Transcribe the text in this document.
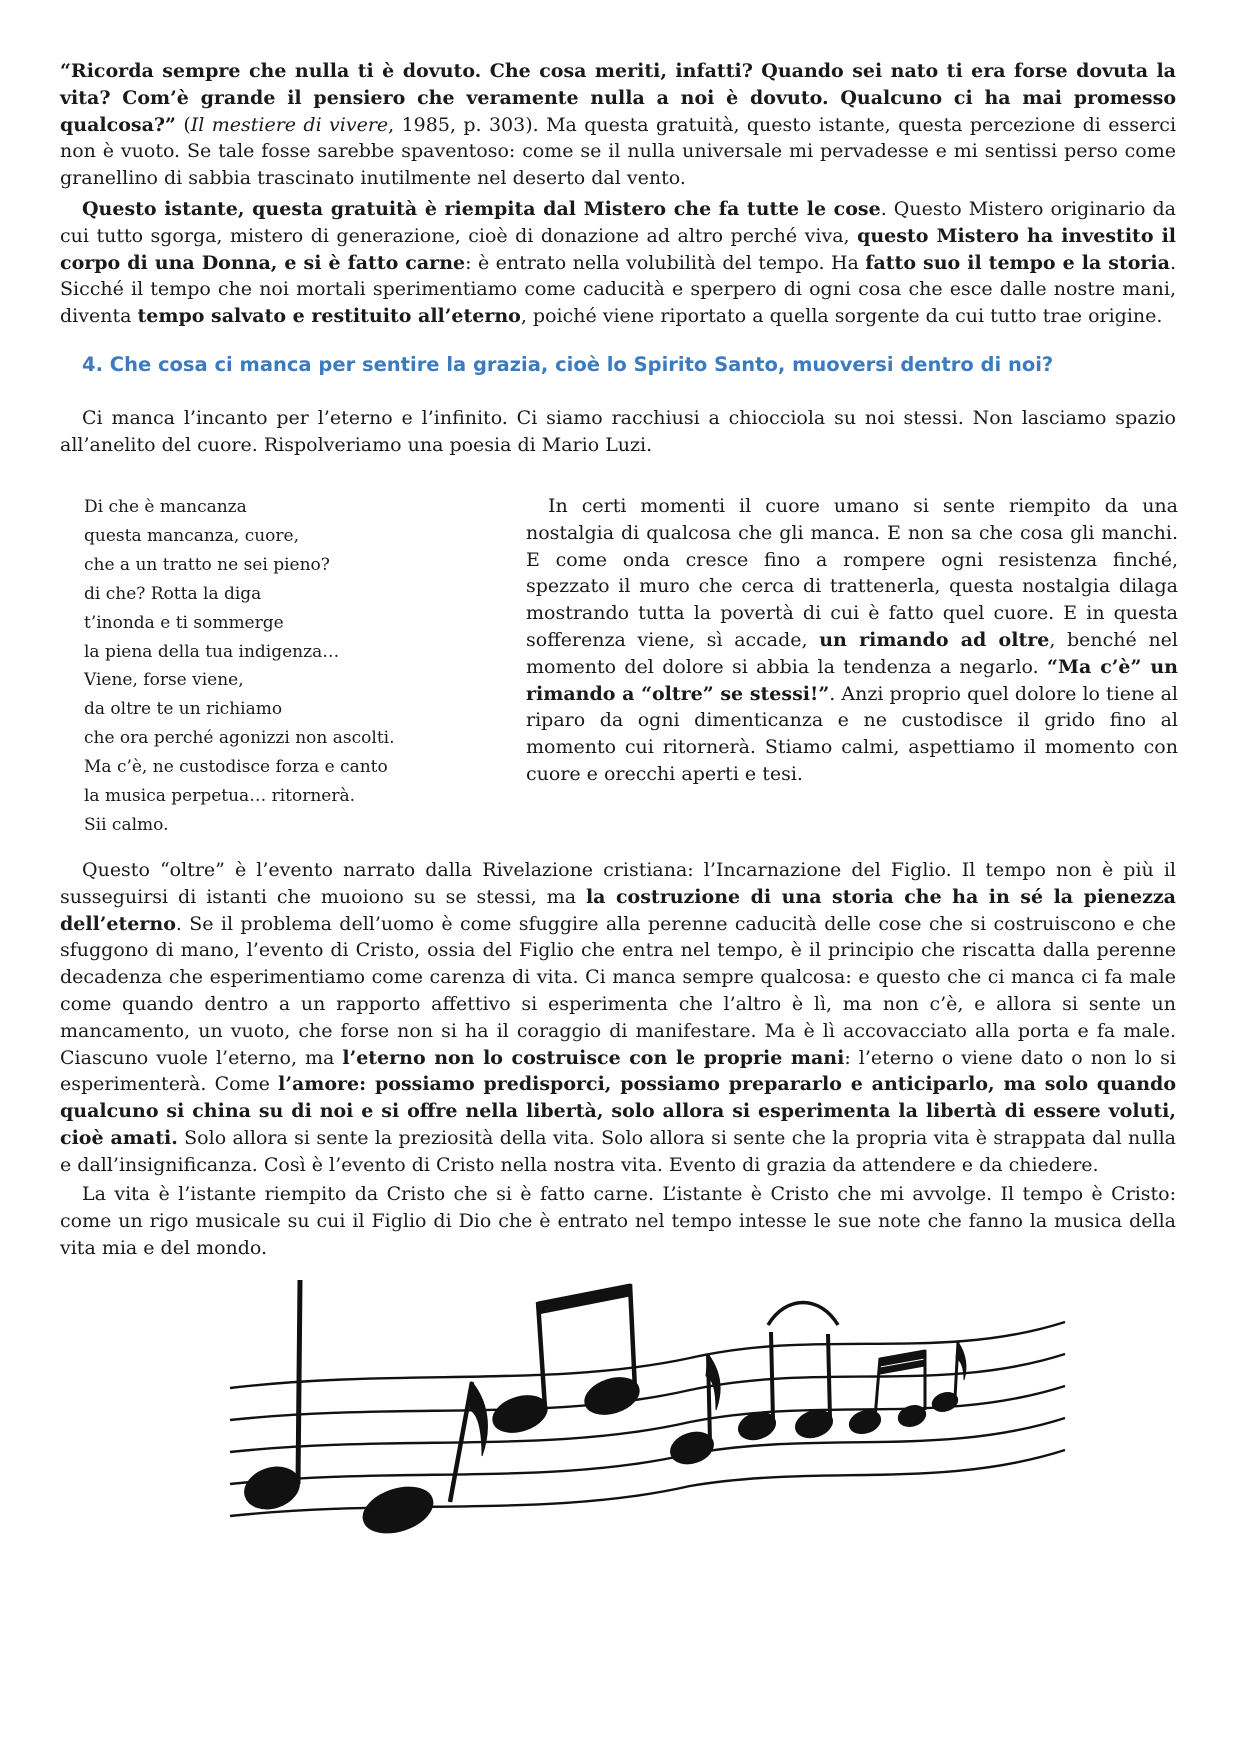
“Ricorda sempre che nulla ti è dovuto. Che cosa meriti, infatti? Quando sei nato ti era forse dovuta la vita? Com’è grande il pensiero che veramente nulla a noi è dovuto. Qualcuno ci ha mai promesso qualcosa?” (Il mestiere di vivere, 1985, p. 303). Ma questa gratuità, questo istante, questa percezione di esserci non è vuoto. Se tale fosse sarebbe spaventoso: come se il nulla universale mi pervadesse e mi sentissi perso come granellino di sabbia trascinato inutilmente nel deserto dal vento.

Questo istante, questa gratuità è riempita dal Mistero che fa tutte le cose. Questo Mistero originario da cui tutto sgorga, mistero di generazione, cioè di donazione ad altro perché viva, questo Mistero ha investito il corpo di una Donna, e si è fatto carne: è entrato nella volubilità del tempo. Ha fatto suo il tempo e la storia. Sicché il tempo che noi mortali sperimentiamo come caducità e sperpero di ogni cosa che esce dalle nostre mani, diventa tempo salvato e restituito all’eterno, poiché viene riportato a quella sorgente da cui tutto trae origine.

4. Che cosa ci manca per sentire la grazia, cioè lo Spirito Santo, muoversi dentro di noi?

Ci manca l’incanto per l’eterno e l’infinito. Ci siamo racchiusi a chiocciola su noi stessi. Non lasciamo spazio all’anelito del cuore. Rispolveriamo una poesia di Mario Luzi.

Di che è mancanza
questa mancanza, cuore,
che a un tratto ne sei pieno?
di che? Rotta la diga
t’inonda e ti sommerge
la piena della tua indigenza…
Viene, forse viene,
da oltre te un richiamo
che ora perché agonizzi non ascolti.
Ma c’è, ne custodisce forza e canto
la musica perpetua… ritornerà.
Sii calmo.

In certi momenti il cuore umano si sente riempito da una nostalgia di qualcosa che gli manca. E non sa che cosa gli manchi. E come onda cresce fino a rompere ogni resistenza finché, spezzato il muro che cerca di trattenerla, questa nostalgia dilaga mostrando tutta la povertà di cui è fatto quel cuore. E in questa sofferenza viene, sì accade, un rimando ad oltre, benché nel momento del dolore si abbia la tendenza a negarlo. “Ma c’è” un rimando a “oltre” se stessi!”. Anzi proprio quel dolore lo tiene al riparo da ogni dimenticanza e ne custodisce il grido fino al momento cui ritornerà. Stiamo calmi, aspettiamo il momento con cuore e orecchi aperti e tesi.

Questo “oltre” è l’evento narrato dalla Rivelazione cristiana: l’Incarnazione del Figlio. Il tempo non è più il susseguirsi di istanti che muoiono su se stessi, ma la costruzione di una storia che ha in sé la pienezza dell’eterno. Se il problema dell’uomo è come sfuggire alla perenne caducità delle cose che si costruiscono e che sfuggono di mano, l’evento di Cristo, ossia del Figlio che entra nel tempo, è il principio che riscatta dalla perenne decadenza che esperimentiamo come carenza di vita. Ci manca sempre qualcosa: e questo che ci manca ci fa male come quando dentro a un rapporto affettivo si esperimenta che l’altro è lì, ma non c’è, e allora si sente un mancamento, un vuoto, che forse non si ha il coraggio di manifestare. Ma è lì accovacciato alla porta e fa male. Ciascuno vuole l’eterno, ma l’eterno non lo costruisce con le proprie mani: l’eterno o viene dato o non lo si esperimenterà. Come l’amore: possiamo predisporci, possiamo prepararlo e anticiparlo, ma solo quando qualcuno si china su di noi e si offre nella libertà, solo allora si esperimenta la libertà di essere voluti, cioè amati. Solo allora si sente la preziosità della vita. Solo allora si sente che la propria vita è strappata dal nulla e dall’insignificanza. Così è l’evento di Cristo nella nostra vita. Evento di grazia da attendere e da chiedere.

La vita è l’istante riempito da Cristo che si è fatto carne. L’istante è Cristo che mi avvolge. Il tempo è Cristo: come un rigo musicale su cui il Figlio di Dio che è entrato nel tempo intesse le sue note che fanno la musica della vita mia e del mondo.
